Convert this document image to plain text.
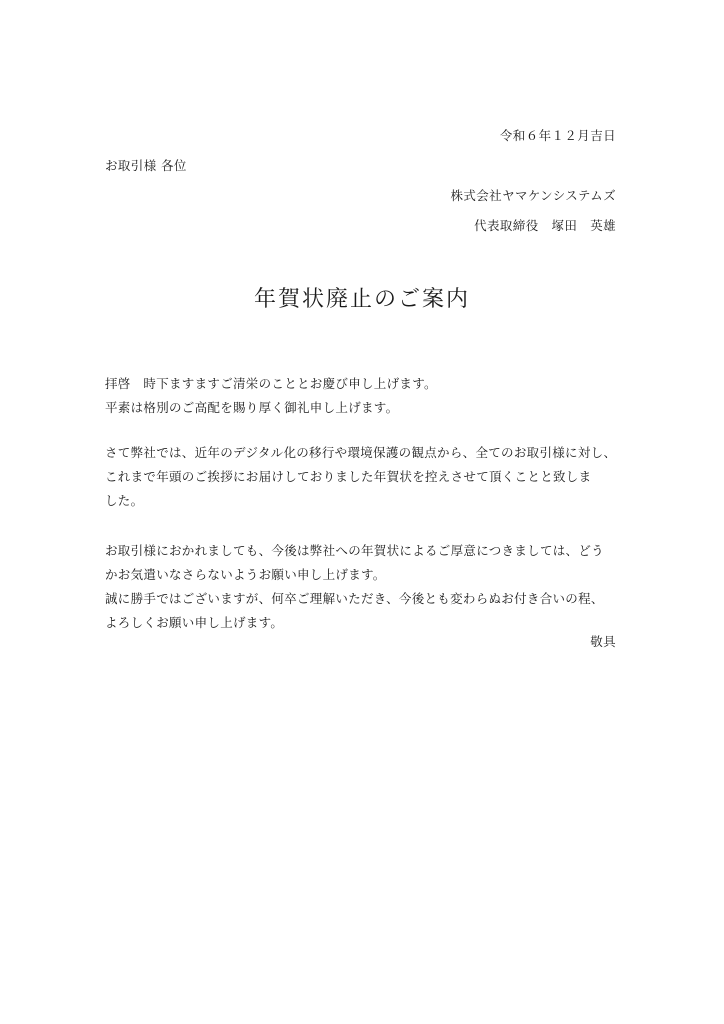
令和６年１２月吉日
お取引様 各位
株式会社ヤマケンシステムズ
代表取締役　塚田　英雄
年賀状廃止のご案内
拝啓　時下ますますご清栄のこととお慶び申し上げます。
平素は格別のご高配を賜り厚く御礼申し上げます。
さて弊社では、近年のデジタル化の移行や環境保護の観点から、全てのお取引様に対し、
これまで年頭のご挨拶にお届けしておりました年賀状を控えさせて頂くことと致しま
した。
お取引様におかれましても、今後は弊社への年賀状によるご厚意につきましては、どう
かお気遣いなさらないようお願い申し上げます。
誠に勝手ではございますが、何卒ご理解いただき、今後とも変わらぬお付き合いの程、
よろしくお願い申し上げます。
敬具
